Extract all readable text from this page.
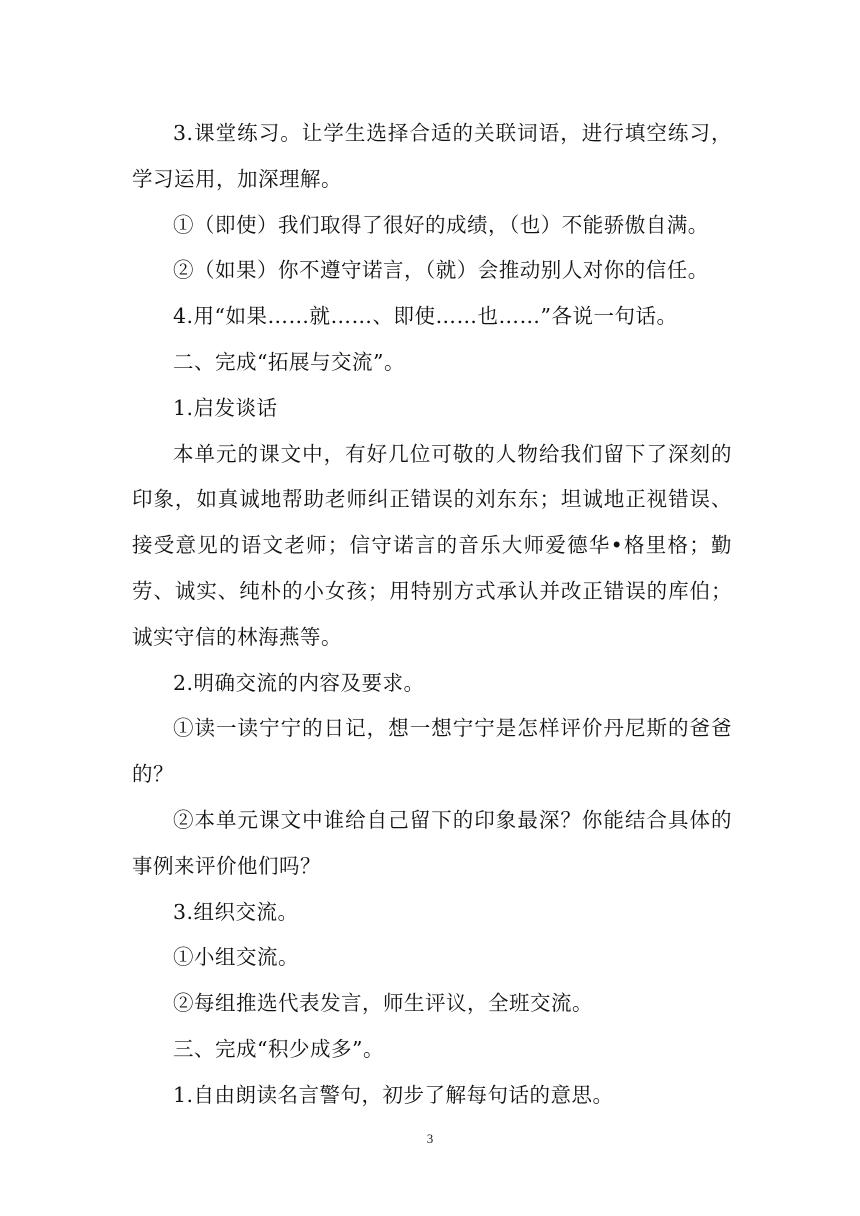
3.课堂练习。让学生选择合适的关联词语，进行填空练习，学习运用，加深理解。

①（即使）我们取得了很好的成绩，（也）不能骄傲自满。

②（如果）你不遵守诺言，（就）会推动别人对你的信任。

4.用“如果……就……、即使……也……”各说一句话。

二、完成“拓展与交流”。

1.启发谈话

本单元的课文中，有好几位可敬的人物给我们留下了深刻的印象，如真诚地帮助老师纠正错误的刘东东；坦诚地正视错误、接受意见的语文老师；信守诺言的音乐大师爱德华•格里格；勤劳、诚实、纯朴的小女孩；用特别方式承认并改正错误的库伯；诚实守信的林海燕等。

2.明确交流的内容及要求。

①读一读宁宁的日记，想一想宁宁是怎样评价丹尼斯的爸爸的？

②本单元课文中谁给自己留下的印象最深？你能结合具体的事例来评价他们吗？

3.组织交流。

①小组交流。

②每组推选代表发言，师生评议，全班交流。

三、完成“积少成多”。

1.自由朗读名言警句，初步了解每句话的意思。

3
